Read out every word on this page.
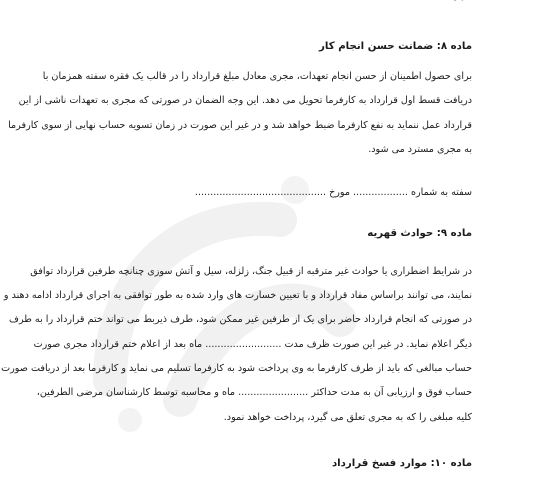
ماده ۸: ضمانت حسن انجام کار
برای حصول اطمینان از حسن انجام تعهدات، مجری معادل مبلغ قرارداد را در قالب یک فقره سفته همزمان با
دریافت قسط اول قرارداد به کارفرما تحویل می دهد. این وجه الضمان در صورتی که مجری به تعهدات ناشی از این
قرارداد عمل ننماید به نفع کارفرما ضبط خواهد شد و در غیر این صورت در زمان تسویه حساب نهایی از سوی کارفرما
به مجری مسترد می شود.
سفته به شماره .................. مورخ ...........................................
ماده ۹: حوادث قهریه
در شرایط اضطراری یا حوادث غیر مترقبه از قبیل جنگ، زلزله، سیل و آتش سوزی چنانچه طرفین قرارداد توافق
نمایند، می توانند براساس مفاد قرارداد و با تعیین خسارت های وارد شده به طور توافقی به اجرای قرارداد ادامه دهند و
در صورتی که انجام قرارداد حاضر برای یک از طرفین غیر ممکن شود، طرف ذیربط می تواند ختم قرارداد را به طرف
دیگر اعلام نماید. در غیر این صورت ظرف مدت ......................... ماه بعد از اعلام ختم قرارداد مجری صورت
حساب مبالغی که باید از طرف کارفرما به وی پرداخت شود به کارفرما تسلیم می نماید و کارفرما بعد از دریافت صورت
حساب فوق و ارزیابی آن به مدت حداکثر ....................... ماه و محاسبه توسط کارشناسان مرضی الطرفین،
کلیه مبلغی را که به مجری تعلق می گیرد، پرداخت خواهد نمود.
ماده ۱۰: موارد فسخ قرارداد
